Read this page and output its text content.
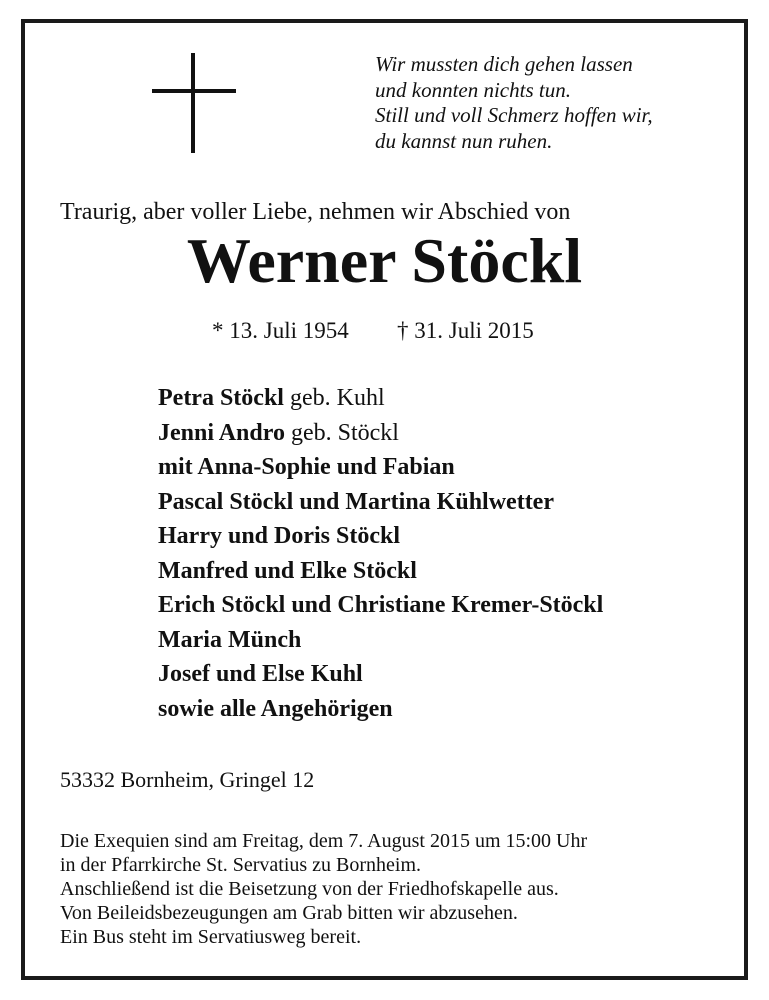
Wir mussten dich gehen lassen
und konnten nichts tun.
Still und voll Schmerz hoffen wir,
du kannst nun ruhen.
Traurig, aber voller Liebe, nehmen wir Abschied von
Werner Stöckl
* 13. Juli 1954 † 31. Juli 2015
Petra Stöckl geb. Kuhl
Jenni Andro geb. Stöckl
mit Anna-Sophie und Fabian
Pascal Stöckl und Martina Kühlwetter
Harry und Doris Stöckl
Manfred und Elke Stöckl
Erich Stöckl und Christiane Kremer-Stöckl
Maria Münch
Josef und Else Kuhl
sowie alle Angehörigen
53332 Bornheim, Gringel 12
Die Exequien sind am Freitag, dem 7. August 2015 um 15:00 Uhr
in der Pfarrkirche St. Servatius zu Bornheim.
Anschließend ist die Beisetzung von der Friedhofskapelle aus.
Von Beileidsbezeugungen am Grab bitten wir abzusehen.
Ein Bus steht im Servatiusweg bereit.
